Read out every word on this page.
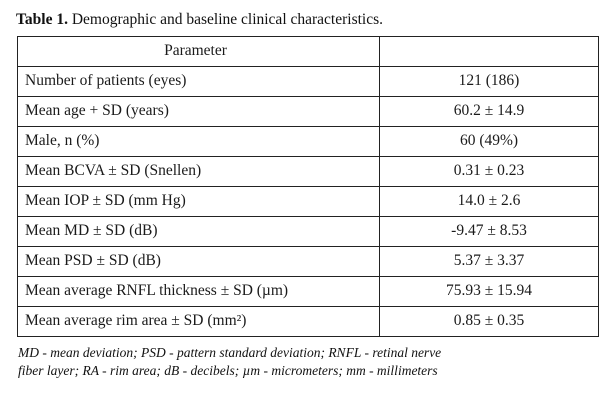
Table 1. Demographic and baseline clinical characteristics.

Parameter	
Number of patients (eyes)	121 (186)
Mean age + SD (years)	60.2 ± 14.9
Male, n (%)	60 (49%)
Mean BCVA ± SD (Snellen)	0.31 ± 0.23
Mean IOP ± SD (mm Hg)	14.0 ± 2.6
Mean MD ± SD (dB)	-9.47 ± 8.53
Mean PSD ± SD (dB)	5.37 ± 3.37
Mean average RNFL thickness ± SD (µm)	75.93 ± 15.94
Mean average rim area ± SD (mm²)	0.85 ± 0.35
MD - mean deviation; PSD - pattern standard deviation; RNFL - retinal nerve
fiber layer; RA - rim area; dB - decibels; µm - micrometers; mm - millimeters
